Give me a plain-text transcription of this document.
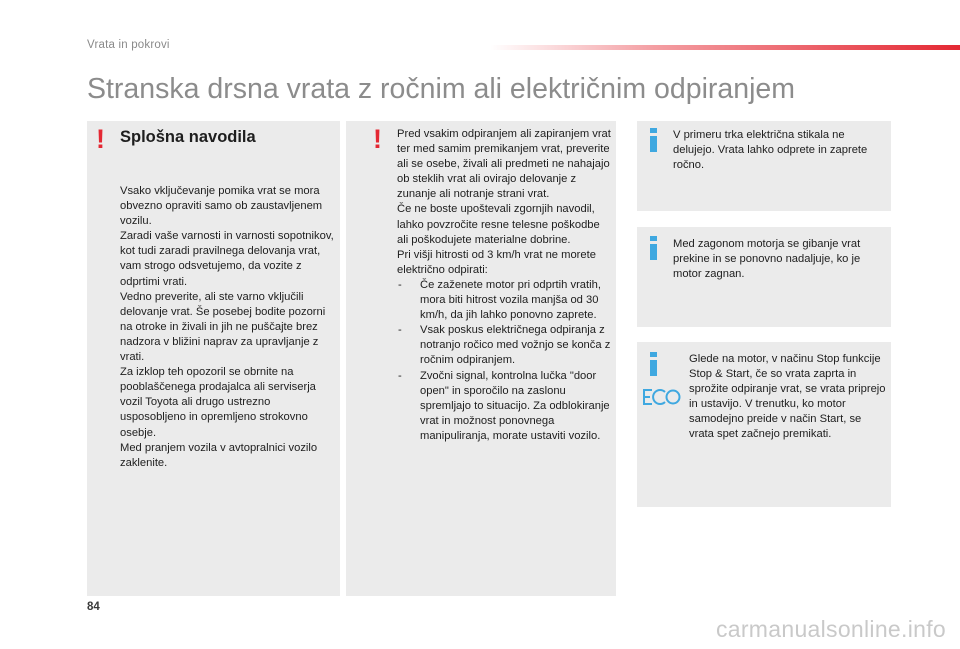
Vrata in pokrovi
Stranska drsna vrata z ročnim ali električnim odpiranjem
! Splošna navodila

Vsako vključevanje pomika vrat se mora obvezno opraviti samo ob zaustavljenem vozilu.

Zaradi vaše varnosti in varnosti sopotnikov, kot tudi zaradi pravilnega delovanja vrat, vam strogo odsvetujemo, da vozite z odprtimi vrati.

Vedno preverite, ali ste varno vključili delovanje vrat. Še posebej bodite pozorni na otroke in živali in jih ne puščajte brez nadzora v bližini naprav za upravljanje z vrati.

Za izklop teh opozoril se obrnite na pooblaščenega prodajalca ali serviserja vozil Toyota ali drugo ustrezno usposobljeno in opremljeno strokovno osebje.

Med pranjem vozila v avtopralnici vozilo zaklenite.

! Pred vsakim odpiranjem ali zapiranjem vrat ter med samim premikanjem vrat, preverite ali se osebe, živali ali predmeti ne nahajajo ob steklih vrat ali ovirajo delovanje z zunanje ali notranje strani vrat.

Če ne boste upoštevali zgornjih navodil, lahko povzročite resne telesne poškodbe ali poškodujete materialne dobrine.

Pri višji hitrosti od 3 km/h vrat ne morete električno odpirati:

- Če zaženete motor pri odprtih vratih, mora biti hitrost vozila manjša od 30 km/h, da jih lahko ponovno zaprete.
- Vsak poskus električnega odpiranja z notranjo ročico med vožnjo se konča z ročnim odpiranjem.
- Zvočni signal, kontrolna lučka "door open" in sporočilo na zaslonu spremljajo to situacijo. Za odblokiranje vrat in možnost ponovnega manipuliranja, morate ustaviti vozilo.

V primeru trka električna stikala ne delujejo. Vrata lahko odprete in zaprete ročno.

Med zagonom motorja se gibanje vrat prekine in se ponovno nadaljuje, ko je motor zagnan.

Glede na motor, v načinu Stop funkcije Stop & Start, če so vrata zaprta in sprožite odpiranje vrat, se vrata priprejo in ustavijo. V trenutku, ko motor samodejno preide v način Start, se vrata spet začnejo premikati.

84
carmanualsonline.info
